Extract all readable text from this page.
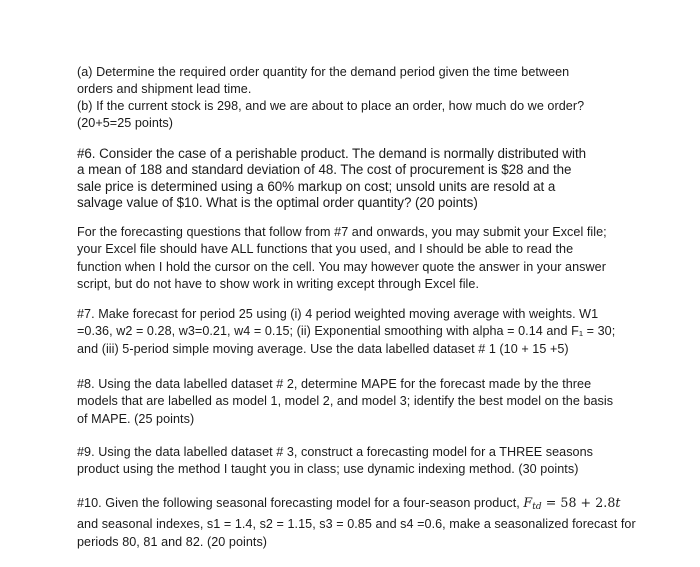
(a) Determine the required order quantity for the demand period given the time between
orders and shipment lead time.

(b) If the current stock is 298, and we are about to place an order, how much do we order?
(20+5=25 points)

#6. Consider the case of a perishable product. The demand is normally distributed with
a mean of 188 and standard deviation of 48. The cost of procurement is $28 and the
sale price is determined using a 60% markup on cost; unsold units are resold at a
salvage value of $10. What is the optimal order quantity? (20 points)

For the forecasting questions that follow from #7 and onwards, you may submit your Excel file;
your Excel file should have ALL functions that you used, and I should be able to read the
function when I hold the cursor on the cell. You may however quote the answer in your answer
script, but do not have to show work in writing except through Excel file.

#7. Make forecast for period 25 using (i) 4 period weighted moving average with weights. W1
=0.36, w2 = 0.28, w3=0.21, w4 = 0.15; (ii) Exponential smoothing with alpha = 0.14 and F₁ = 30;
and (iii) 5-period simple moving average. Use the data labelled dataset # 1 (10 + 15 +5)

#8. Using the data labelled dataset # 2, determine MAPE for the forecast made by the three
models that are labelled as model 1, model 2, and model 3; identify the best model on the basis
of MAPE. (25 points)

#9. Using the data labelled dataset # 3, construct a forecasting model for a THREE seasons
product using the method I taught you in class; use dynamic indexing method. (30 points)

#10. Given the following seasonal forecasting model for a four-season product, $F_{td} = 58 + 2.8t$
and seasonal indexes, s1 = 1.4, s2 = 1.15, s3 = 0.85 and s4 =0.6, make a seasonalized forecast for
periods 80, 81 and 82. (20 points)
